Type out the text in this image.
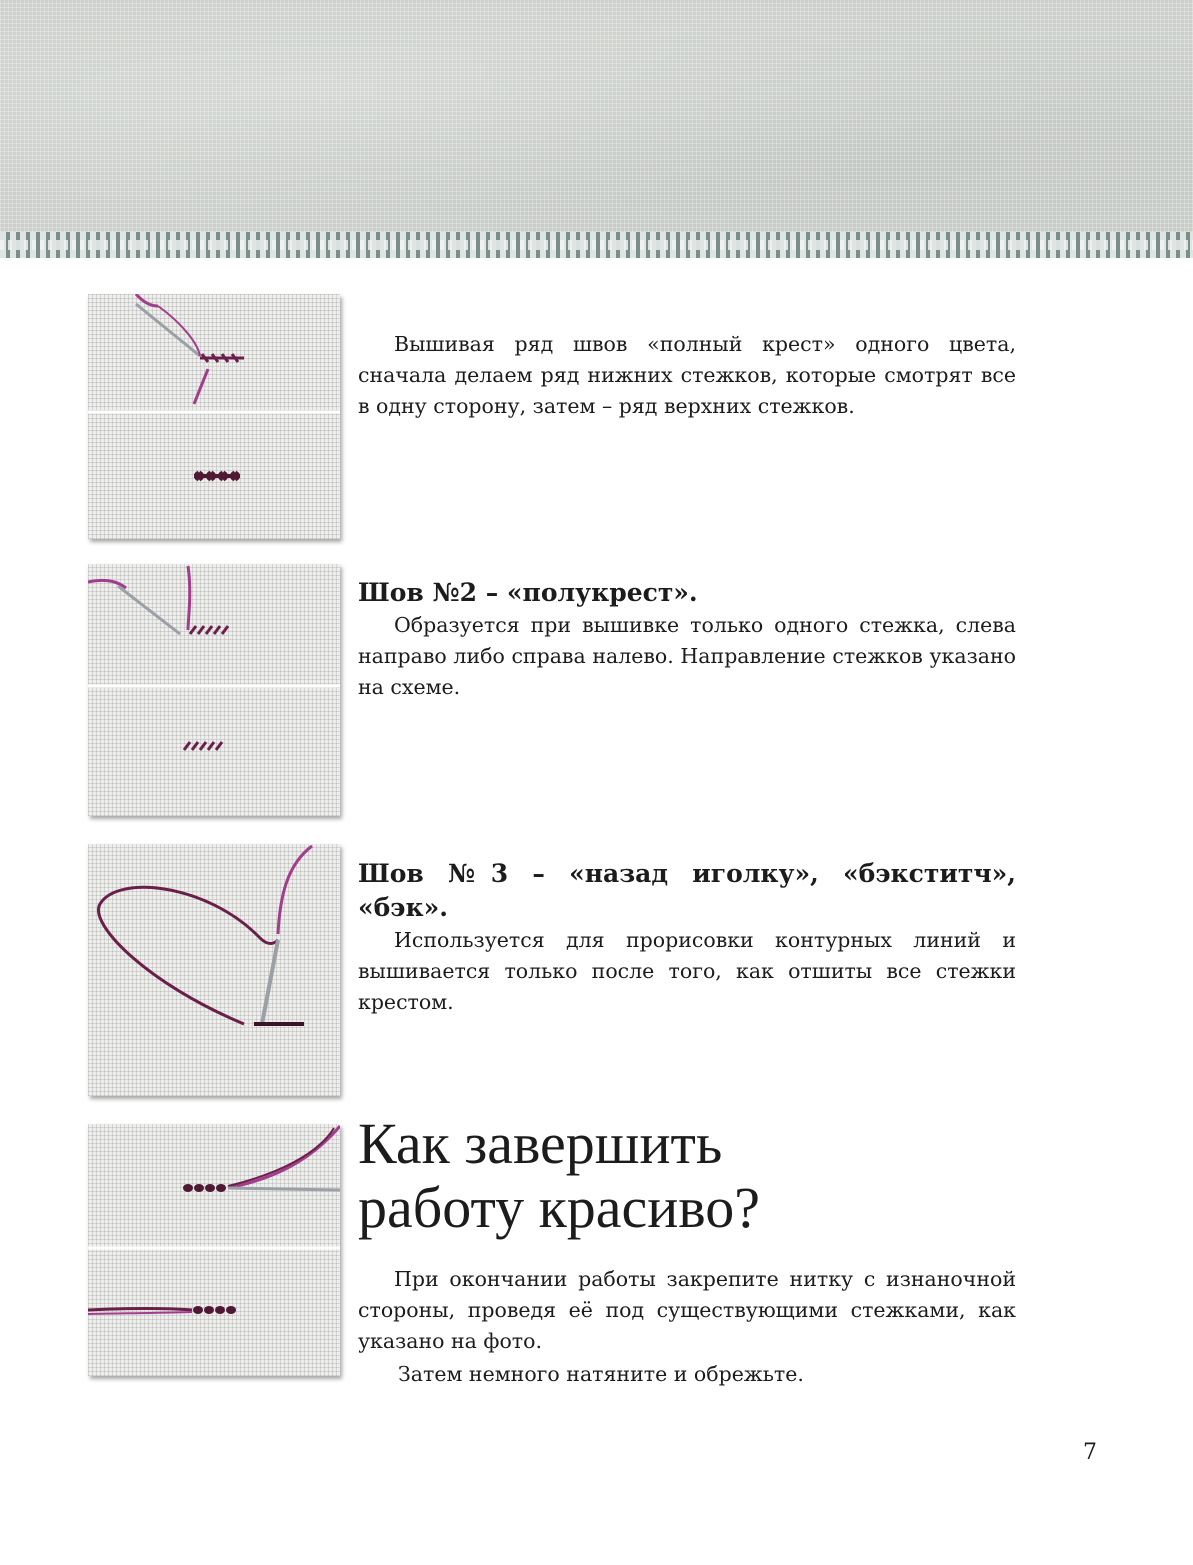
Вышивая ряд швов «полный крест» одного цвета, сначала делаем ряд нижних стежков, которые смотрят все в одну сторону, затем – ряд верхних стежков.

Шов №2 – «полукрест».

Образуется при вышивке только одного стежка, слева направо либо справа налево. Направление стежков указано на схеме.

Шов №3 – «назад иголку», «бэкститч», «бэк».

Используется для прорисовки контурных линий и вышивается только после того, как отшиты все стежки крестом.

Как завершить
работу красиво?

При окончании работы закрепите нитку с изнаночной стороны, проведя её под существующими стежками, как указано на фото.

Затем немного натяните и обрежьте.

7
